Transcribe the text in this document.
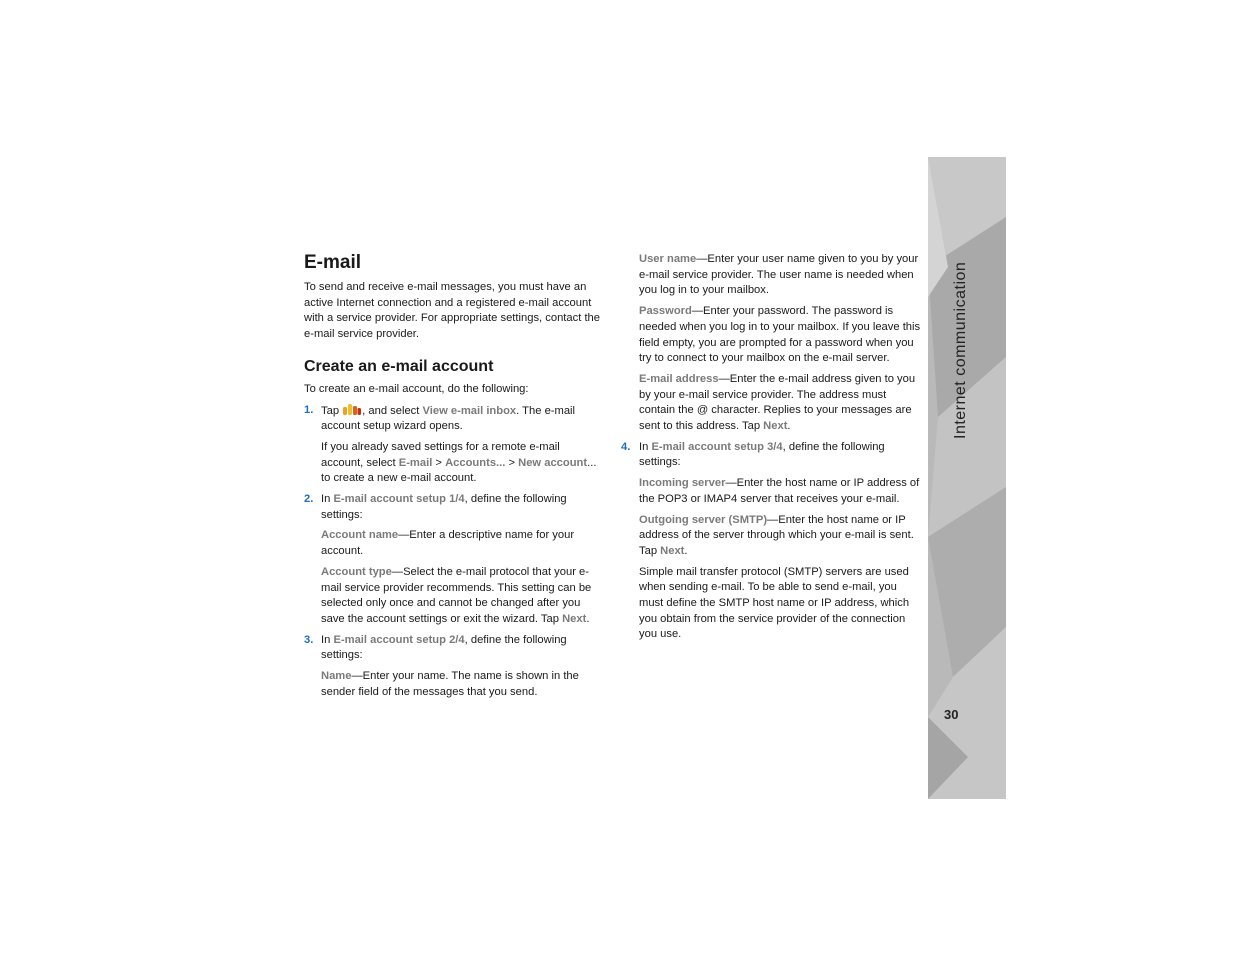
E-mail

To send and receive e-mail messages, you must have an active Internet connection and a registered e-mail account with a service provider. For appropriate settings, contact the e-mail service provider.

Create an e-mail account

To create an e-mail account, do the following:

1. Tap , and select View e-mail inbox. The e-mail account setup wizard opens.

If you already saved settings for a remote e-mail account, select E-mail > Accounts... > New account... to create a new e-mail account.

2. In E-mail account setup 1/4, define the following settings:

Account name—Enter a descriptive name for your account.

Account type—Select the e-mail protocol that your e-mail service provider recommends. This setting can be selected only once and cannot be changed after you save the account settings or exit the wizard. Tap Next.

3. In E-mail account setup 2/4, define the following settings:

Name—Enter your name. The name is shown in the sender field of the messages that you send.

User name—Enter your user name given to you by your e-mail service provider. The user name is needed when you log in to your mailbox.

Password—Enter your password. The password is needed when you log in to your mailbox. If you leave this field empty, you are prompted for a password when you try to connect to your mailbox on the e-mail server.

E-mail address—Enter the e-mail address given to you by your e-mail service provider. The address must contain the @ character. Replies to your messages are sent to this address. Tap Next.

4. In E-mail account setup 3/4, define the following settings:

Incoming server—Enter the host name or IP address of the POP3 or IMAP4 server that receives your e-mail.

Outgoing server (SMTP)—Enter the host name or IP address of the server through which your e-mail is sent. Tap Next.

Simple mail transfer protocol (SMTP) servers are used when sending e-mail. To be able to send e-mail, you must define the SMTP host name or IP address, which you obtain from the service provider of the connection you use.

Internet communication
30
